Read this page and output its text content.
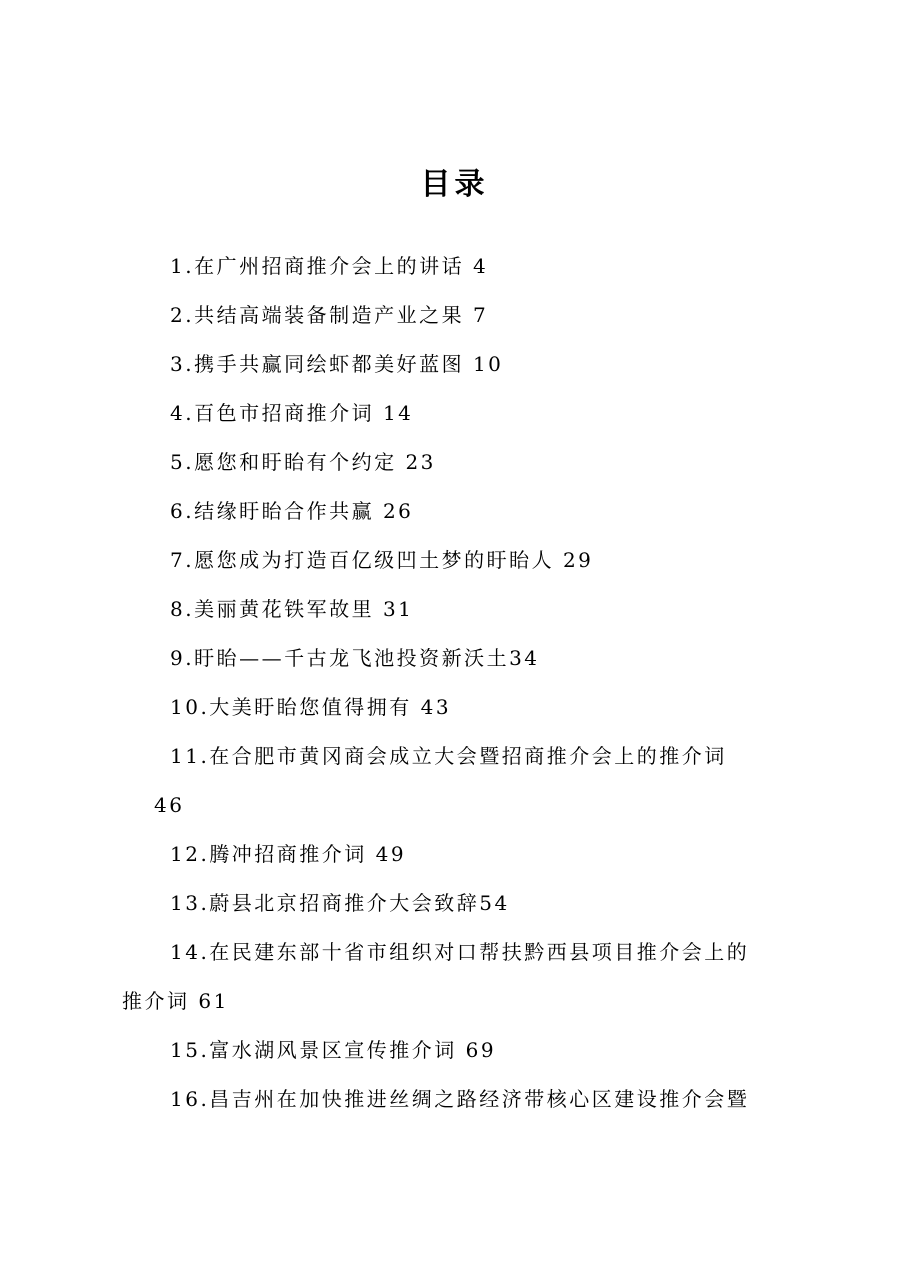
目录
1.在广州招商推介会上的讲话 4
2.共结高端装备制造产业之果 7
3.携手共赢同绘虾都美好蓝图 10
4.百色市招商推介词 14
5.愿您和盱眙有个约定 23
6.结缘盱眙合作共赢 26
7.愿您成为打造百亿级凹土梦的盱眙人 29
8.美丽黄花铁军故里 31
9.盱眙——千古龙飞池投资新沃土34
10.大美盱眙您值得拥有 43
11.在合肥市黄冈商会成立大会暨招商推介会上的推介词
46
12.腾冲招商推介词 49
13.蔚县北京招商推介大会致辞54
14.在民建东部十省市组织对口帮扶黔西县项目推介会上的
推介词 61
15.富水湖风景区宣传推介词 69
16.昌吉州在加快推进丝绸之路经济带核心区建设推介会暨
